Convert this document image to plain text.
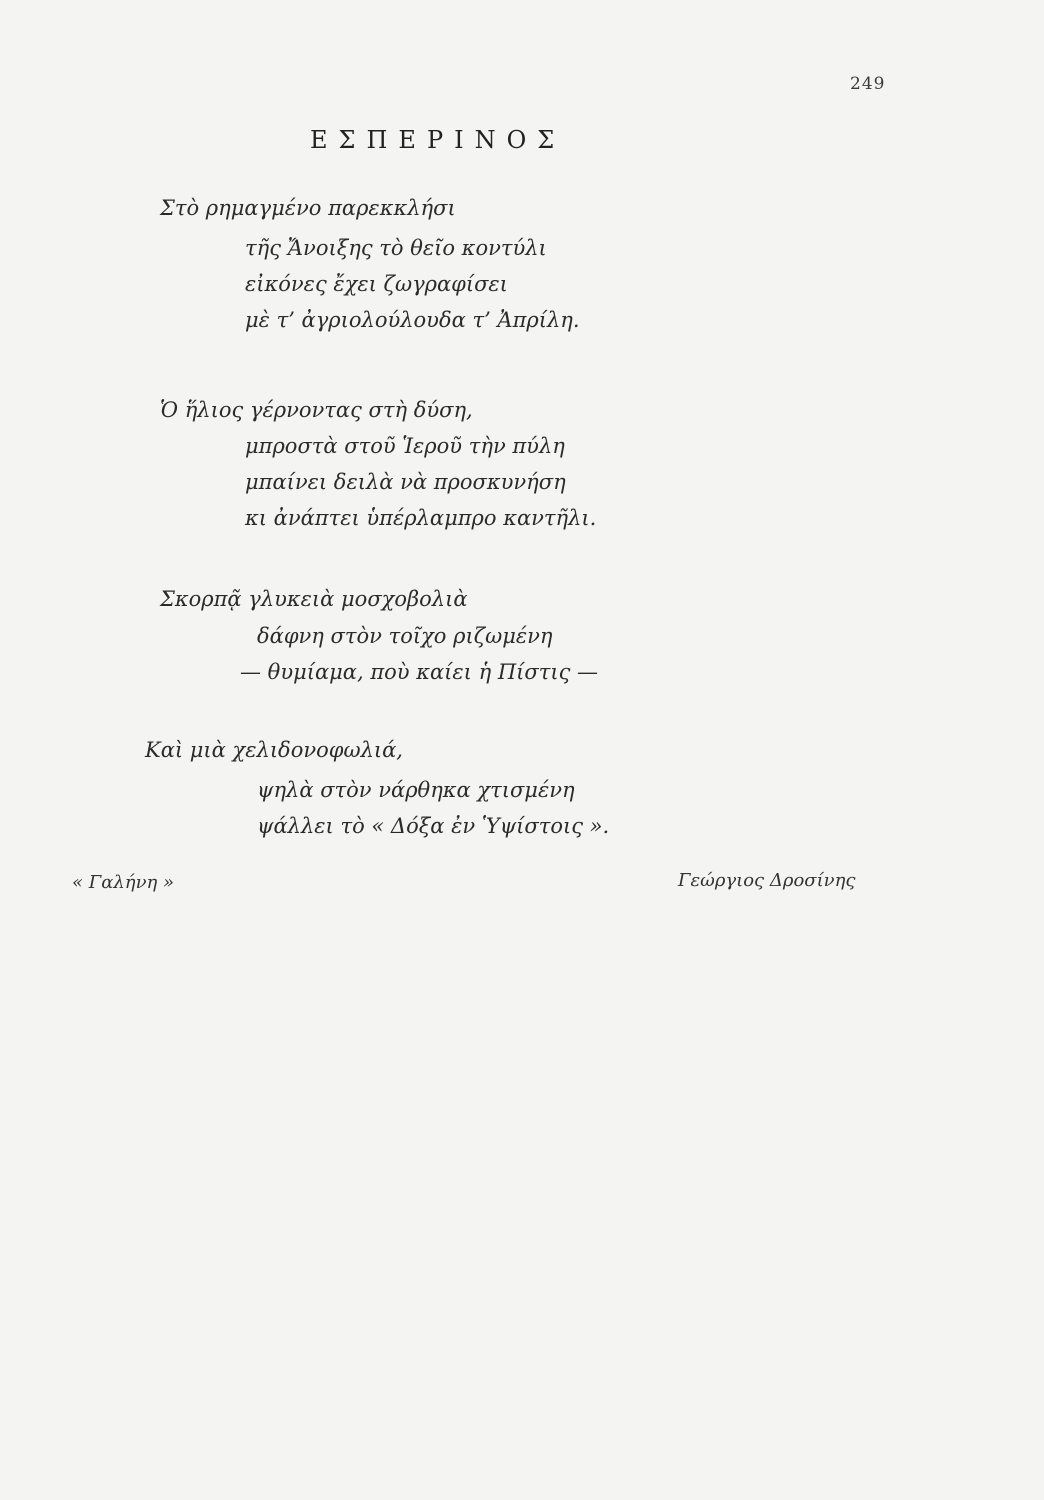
249
ΕΣΠΕΡΙΝΟΣ
Στὸ ρημαγμένο παρεκκλήσι
τῆς Ἄνοιξης τὸ θεῖο κοντύλι
εἰκόνες ἔχει ζωγραφίσει
μὲ τ’ ἀγριολούλουδα τ’ Ἀπρίλη.
Ὁ ἥλιος γέρνοντας στὴ δύση,
μπροστὰ στοῦ Ἱεροῦ τὴν πύλη
μπαίνει δειλὰ νὰ προσκυνήση
κι ἀνάπτει ὑπέρλαμπρο καντῆλι.
Σκορπᾷ γλυκειὰ μοσχοβολιὰ
δάφνη στὸν τοῖχο ριζωμένη
— θυμίαμα, ποὺ καίει ἡ Πίστις —
Καὶ μιὰ χελιδονοφωλιά,
ψηλὰ στὸν νάρθηκα χτισμένη
ψάλλει τὸ « Δόξα ἐν Ὑψίστοις ».
« Γαλήνη »	Γεώργιος Δροσίνης
